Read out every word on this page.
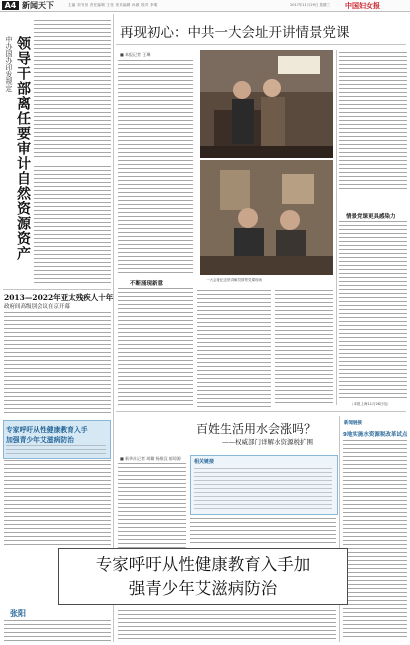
A4 新闻天下	主编 刘书田 责任编辑 王莹 美术编辑 孙颖 校对 李明	2017年11月29日 星期三 中国妇女报
中办国办印发规定 领导干部离任要审计自然资源资产
2013—2022年亚太残疾人十年
政府间高级别会议在京开幕
专家呼吁从性健康教育入手
加强青少年艾滋病防治
张阳
再现初心：中共一大会址开讲情景党课
■ 本报记者 王琳
不断涌现新意
一大会址纪念馆讲解员情景党课现场
情景党课更具感染力
（本报上海11月28日电）
百姓生活用水会涨吗？
——权威部门详解水资源税扩围
■ 新华社记者 胡璐 杨维汉 郁琼源
相关链接
新闻链接
9地实施水资源税改革试点
专家呼吁从性健康教育入手加
强青少年艾滋病防治
